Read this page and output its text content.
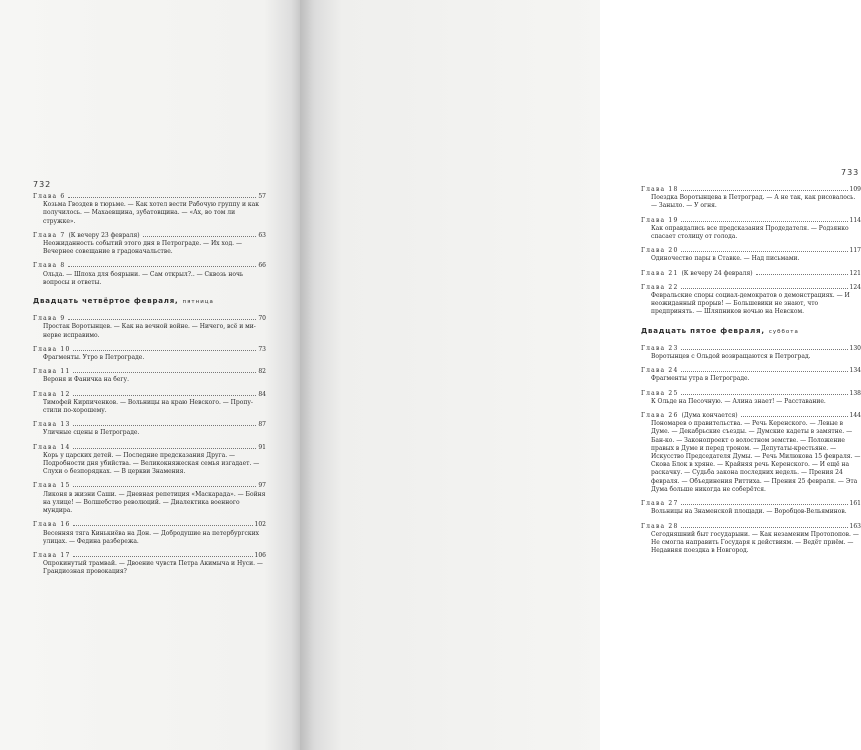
732
Глава 6	57
Козьма Гвоздев в тюрьме. — Как хотел вести Рабочую группу и как получилось. — Махаевщина, зубатовщина. — «Ах, во том ли стружке».
Глава 7 (К вечеру 23 февраля)	63
Неожиданность событий этого дня в Петрограде. — Их ход. — Вечернее совещание в градоначальстве.
Глава 8	66
Ольда. — Шпоха для боярыни. — Сам открыл?.. — Сквозь ночь вопросы и ответы.
Двадцать четвёртое февраля, пятница
Глава 9	70
Простак Воротынцев. — Как на вечной войне. — Ничего, всё и ми-нерве исправимо.
Глава 10	73
Фрагменты. Утро в Петрограде.
Глава 11	82
Вероня и Фаничка на бегу.
Глава 12	84
Тимофей Кирпиченков. — Вольницы на краю Невского. — Пропу-стили по-хорошему.
Глава 13	87
Уличные сцены в Петрограде.
Глава 14	91
Корь у царских детей. — Последние предсказания Друга. — Подробности дня убийства. — Великокняжеская семья изгадает. — Слухи о безпорядках. — В церкви Знамения.
Глава 15	97
Ликоня в жизни Саши. — Дневная репетиция «Маскарада». — Бойня на улице! — Волшебство революций. — Диалектика военного мундира.
Глава 16	102
Весенняя тяга Кинькиёва на Дон. — Добродушие на петербургских улицах. — Федина разбережа.
Глава 17	106
Опрокинутый трамвай. — Двоение чувств Петра Акимыча и Нуси. — Грандиозная провокация?
733
Глава 18	109
Поездка Воротынцева в Петроград. — А не так, как рисовалось. — Заныло. — У огня.
Глава 19	114
Как оправдались все предсказания Продедателя. — Родзянко спасает столицу от голода.
Глава 20	117
Одиночество пары в Ставке. — Над письмами.
Глава 21 (К вечеру 24 февраля)	121
Глава 22	124
Февральские споры социал-демократов о демонстрациях. — И неожиданный прорыв! — Большевики не знают, что предпринять. — Шляпников ночью на Невском.
Двадцать пятое февраля, суббота
Глава 23	130
Воротынцев с Ольдой возвращаются в Петроград.
Глава 24	134
Фрагменты утра в Петрограде.
Глава 25	138
К Ольде на Песочную. — Алина знает! — Расставание.
Глава 26 (Дума кончается)	144
Пономарев о правительства. — Речь Керенского. — Левые в Думе. — Декабрьские съезды. — Думские кадеты в замятне. — Бан-ко. — Законопроект о волостном земстве. — Положение правых в Думе и перед троном. — Депутаты-крестьяне. — Искусство Председателя Думы. — Речь Милюкова 15 февраля. — Скова Блок в хряне. — Крайняя речь Керенского. — И ещё на раскачку. — Судьба закона последних недель. — Прения 24 февраля. — Объединения Риттиха. — Прения 25 февраля. — Эта Дума больше никогда не соберётся.
Глава 27	161
Вольницы на Знаменской площади. — Воробцов-Вельяминов.
Глава 28	163
Сегодняшний быт государыни. — Как незаменим Протопопов. — Не смогла направить Государя к действиям. — Ведёт приём. — Недавняя поездка в Новгород.
